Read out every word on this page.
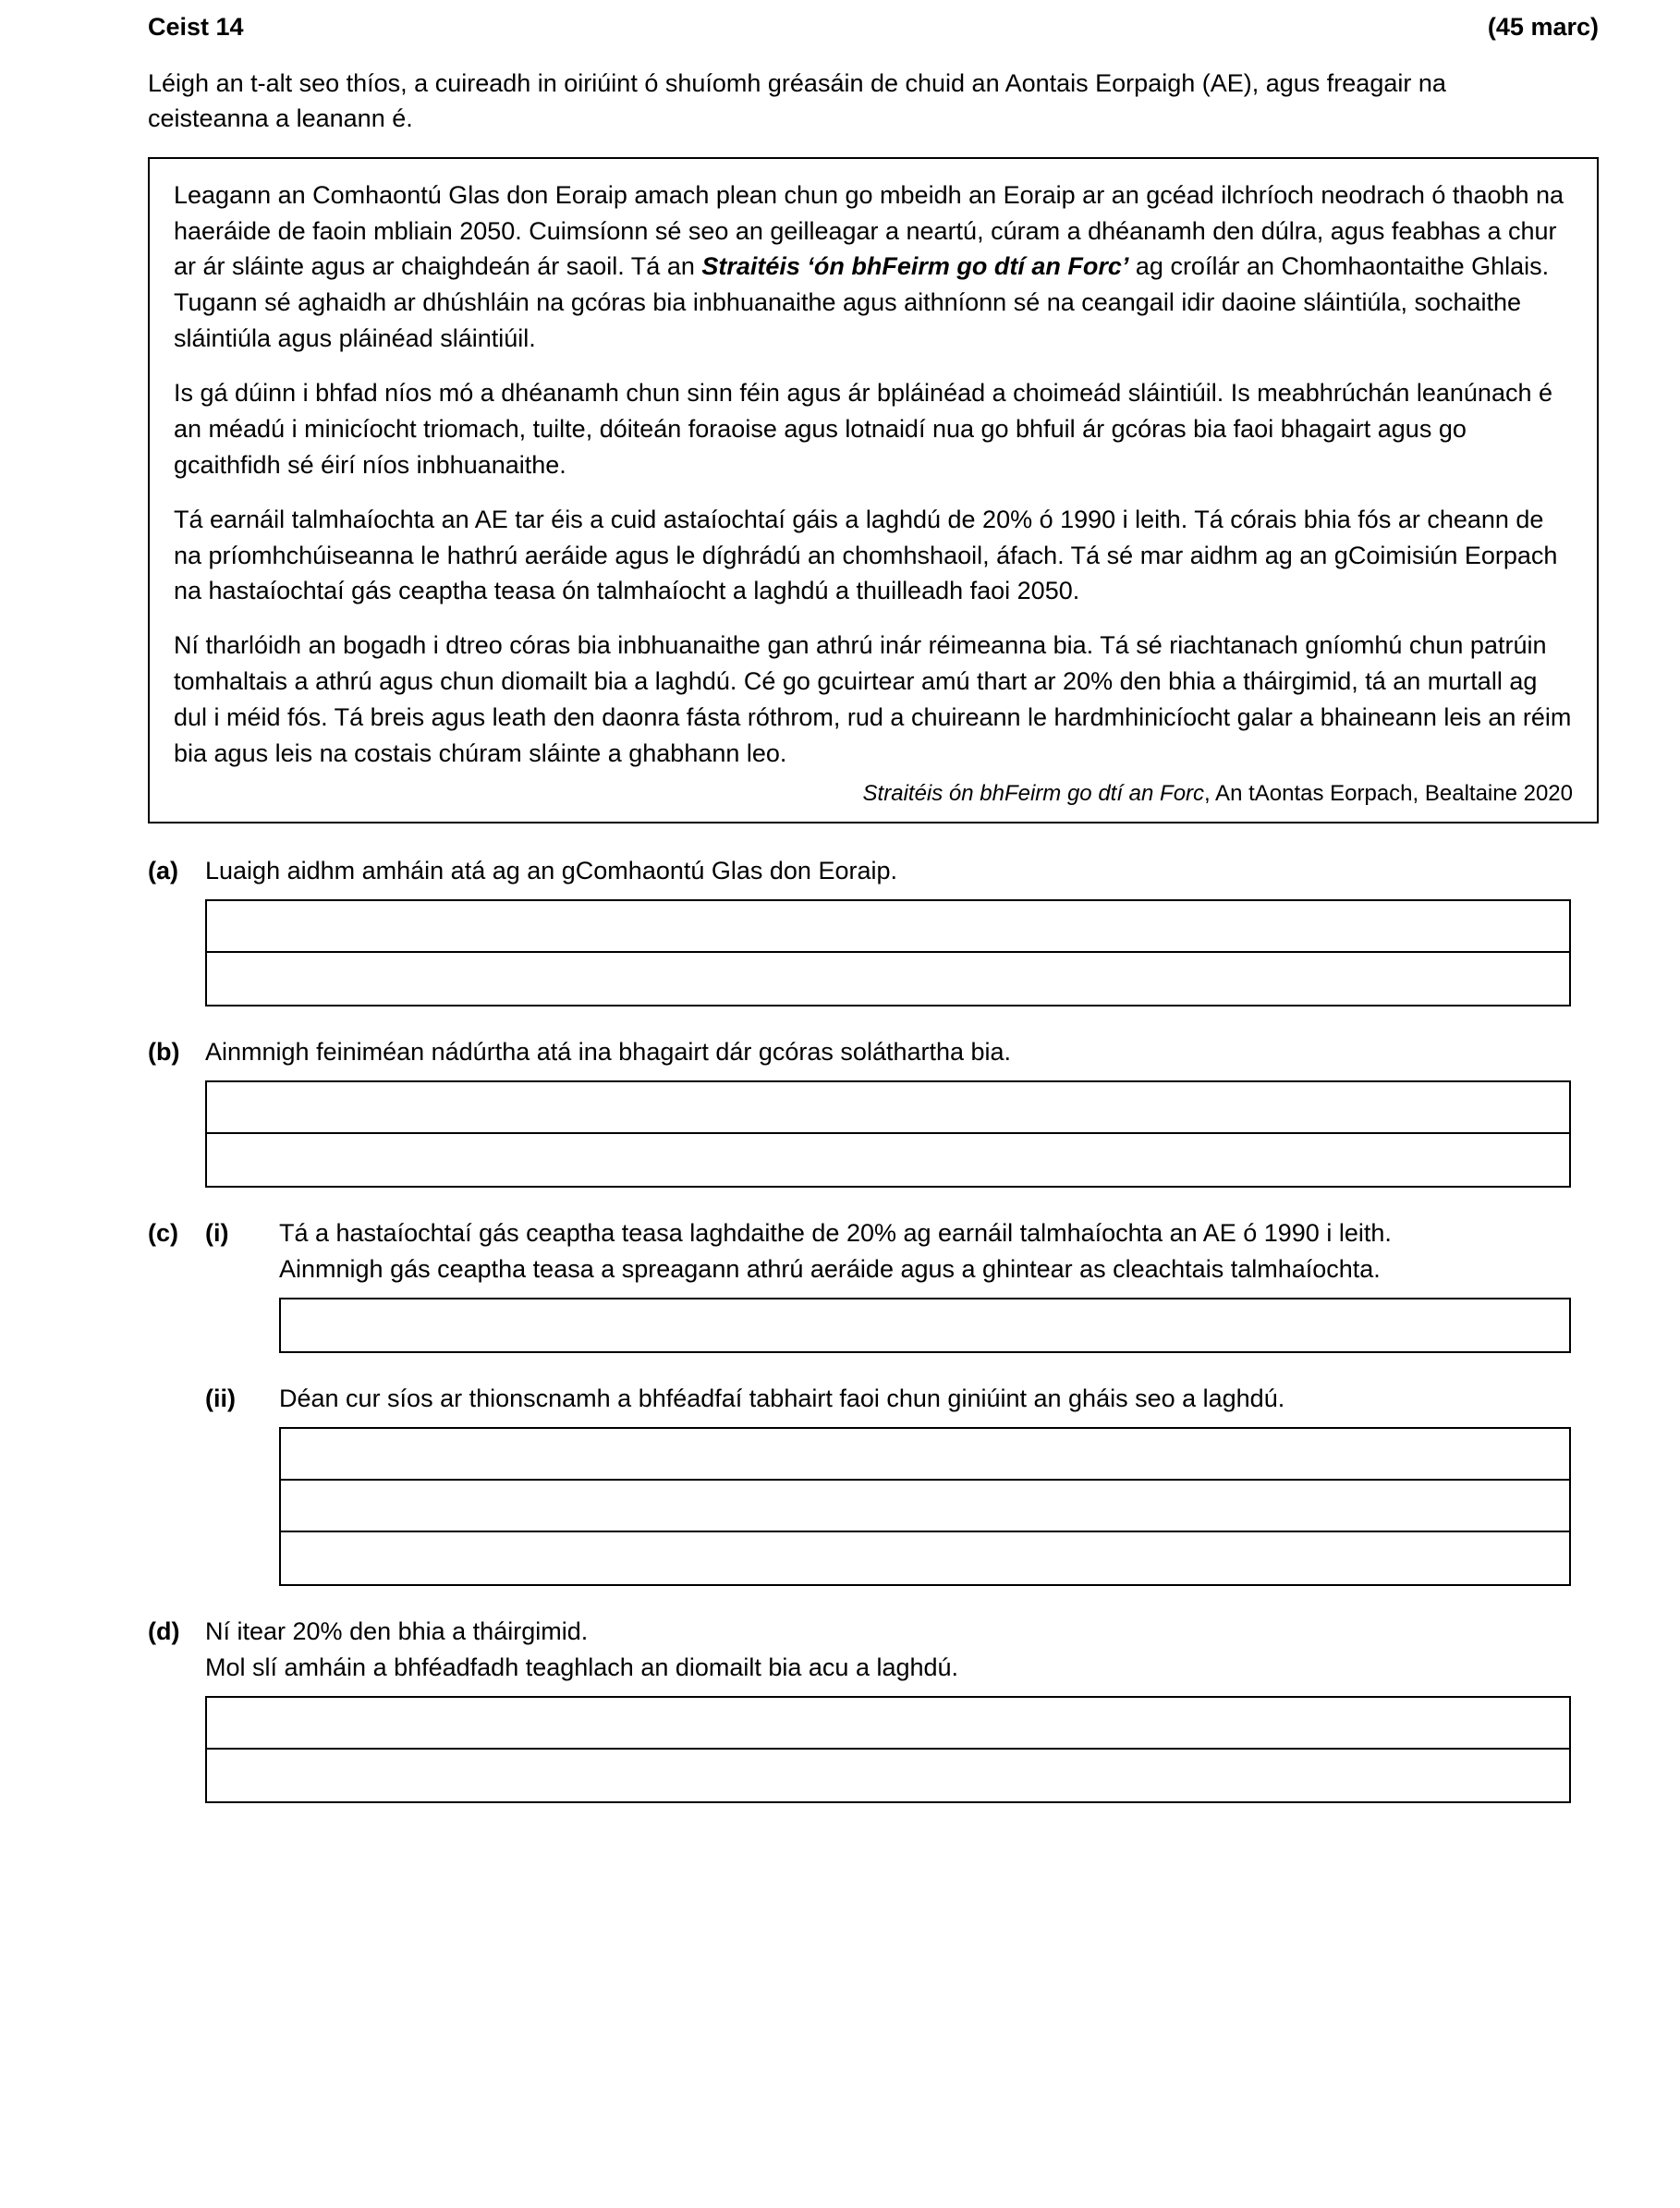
Ceist 14	(45 marc)
Léigh an t-alt seo thíos, a cuireadh in oiriúint ó shuíomh gréasáin de chuid an Aontais Eorpaigh (AE), agus freagair na ceisteanna a leanann é.

Leagann an Comhaontú Glas don Eoraip amach plean chun go mbeidh an Eoraip ar an gcéad ilchríoch neodrach ó thaobh na haeráide de faoin mbliain 2050. Cuimsíonn sé seo an geilleagar a neartú, cúram a dhéanamh den dúlra, agus feabhas a chur ar ár sláinte agus ar chaighdeán ár saoil. Tá an Straitéis ‘ón bhFeirm go dtí an Forc’ ag croílár an Chomhaontaithe Ghlais. Tugann sé aghaidh ar dhúshláin na gcóras bia inbhuanaithe agus aithníonn sé na ceangail idir daoine sláintiúla, sochaithe sláintiúla agus pláinéad sláintiúil.

Is gá dúinn i bhfad níos mó a dhéanamh chun sinn féin agus ár bpláinéad a choimeád sláintiúil. Is meabhrúchán leanúnach é an méadú i minicíocht triomach, tuilte, dóiteán foraoise agus lotnaidí nua go bhfuil ár gcóras bia faoi bhagairt agus go gcaithfidh sé éirí níos inbhuanaithe.

Tá earnáil talmhaíochta an AE tar éis a cuid astaíochtaí gáis a laghdú de 20% ó 1990 i leith. Tá córais bhia fós ar cheann de na príomhchúiseanna le hathrú aeráide agus le díghrádú an chomhshaoil, áfach. Tá sé mar aidhm ag an gCoimisiún Eorpach na hastaíochtaí gás ceaptha teasa ón talmhaíocht a laghdú a thuilleadh faoi 2050.

Ní tharlóidh an bogadh i dtreo córas bia inbhuanaithe gan athrú inár réimeanna bia. Tá sé riachtanach gníomhú chun patrúin tomhaltais a athrú agus chun diomailt bia a laghdú. Cé go gcuirtear amú thart ar 20% den bhia a tháirgimid, tá an murtall ag dul i méid fós. Tá breis agus leath den daonra fásta róthrom, rud a chuireann le hardmhinicíocht galar a bhaineann leis an réim bia agus leis na costais chúram sláinte a ghabhann leo.

Straitéis ón bhFeirm go dtí an Forc, An tAontas Eorpach, Bealtaine 2020
(a)	Luaigh aidhm amháin atá ag an gComhaontú Glas don Eoraip.
(b)	Ainmnigh feiniméan nádúrtha atá ina bhagairt dár gcóras soláthartha bia.
(c)	(i)	Tá a hastaíochtaí gás ceaptha teasa laghdaithe de 20% ag earnáil talmhaíochta an AE ó 1990 i leith. Ainmnigh gás ceaptha teasa a spreagann athrú aeráide agus a ghintear as cleachtais talmhaíochta.
(ii)	Déan cur síos ar thionscnamh a bhféadfaí tabhairt faoi chun giniúint an gháis seo a laghdú.
(d)	Ní itear 20% den bhia a tháirgimid.
Mol slí amháin a bhféadfadh teaghlach an diomailt bia acu a laghdú.
